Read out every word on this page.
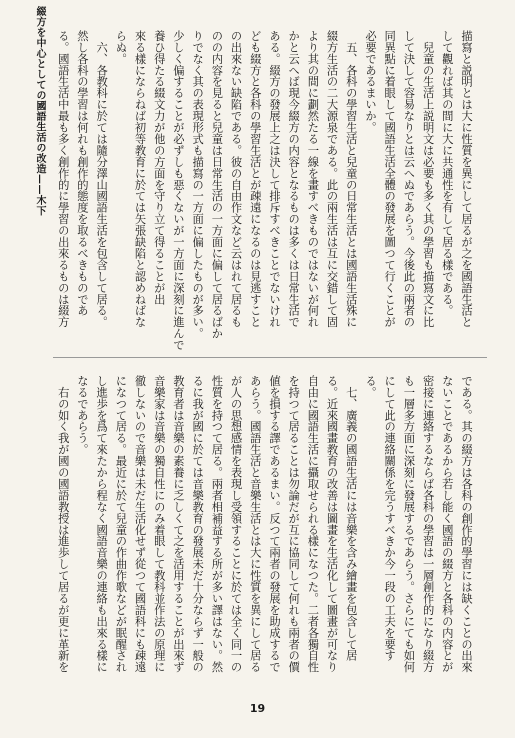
綴方を中心としての國語生活の改造——木下	描寫と説明とは大に性質を異にして居るが之を國語生活と
して觀れば其の間に大に共通性を有して居る樣である。
　兒童の生活上説明文は必要も多く其の學習も描寫文に比
して決して容易なりとは云へぬであらう。今後此の兩者の
同異點に着眼して國語生活全體の發展を圖つて行くことが
必要であるまいか。
　五、各科の學習生活と兒童の日常生活とは國語生活殊に
綴方生活の二大源泉である。此の兩生活は互に交錯して固
より其の間に劃然たる一線を畫すべきものではないが何れ
かと云へば現今綴方の内容となるものは多くは日常生活で
ある。綴方の發展上之は決して排斥すべきことでないけれ
ども綴方と各科の學習生活とが疎遠になるのは見逃すこと
の出來ない缺陷である。彼の自由作文など云はれて居るも
のの内容を見ると兒童は日常生活の一方面に偏して居るばか
りでなく其の表現形式も描寫の一方面に偏したものが多い。
少しく偏することが必ずしも惡くないが一方面に深刻に進んで
養ひ得たる綴文力が他の方面を守り立て得ることが出
來る樣にならねば初等教育に於ては矢張缺陷と認めねばな
らぬ。
　六、各教科に於ては隨分澤山國語生活を包含して居る。
然し各科の學習は何れも創作的態度を取るべきものであ
る。國語生活中最も多く創作的に學習の出來るものは綴方
である。其の綴方は各科の創作的學習には缺くことの出來
ないことであるから若し能く國語の綴方と各科の内容とが
密接に連絡するならば各科の學習は一層創作的になり綴方
も一層多方面に深刻に發展するであらう。さらにても如何
にして此の連絡關係を完うすべきか今一段の工夫を要す
る。
　七、廣義の國語生活には音樂を含み繪畫を包含して居
る。近來國畫教育の改善は圖畫を生活化して圖畫が可なり
自由に國語生活に攝取せられる樣になつた。二者各獨自性
を持つて居ることは勿論だが互に協同して何れも兩者の價
値を損する譯であるまい。反つて兩者の發展を助成するで
あらう。國語生活と音樂生活とは大に性質を異にして居る
が人の思想感情を表現し受領することに於ては全く同一の
性質を持つて居る。兩者相補益する所が多い譯はない。然
るに我が國に於ては音樂教育の發展未だ十分ならず一般の
教育者は音樂の素養に乏しくて之を活用することが出來ず
音樂家は音樂の獨自性にのみ着眼して教科並作法の原理に
徹しないので音樂は未だ生活化せず從つて國語科にも疎遠
になつて居る。最近に於て兒童の作曲作歌などが眠醒され
し進歩を爲て來たから程なく國語音樂の連絡も出來る樣に
なるであらう。
　右の如く我が國の國語教授は進歩して居るが更に革新を
19
